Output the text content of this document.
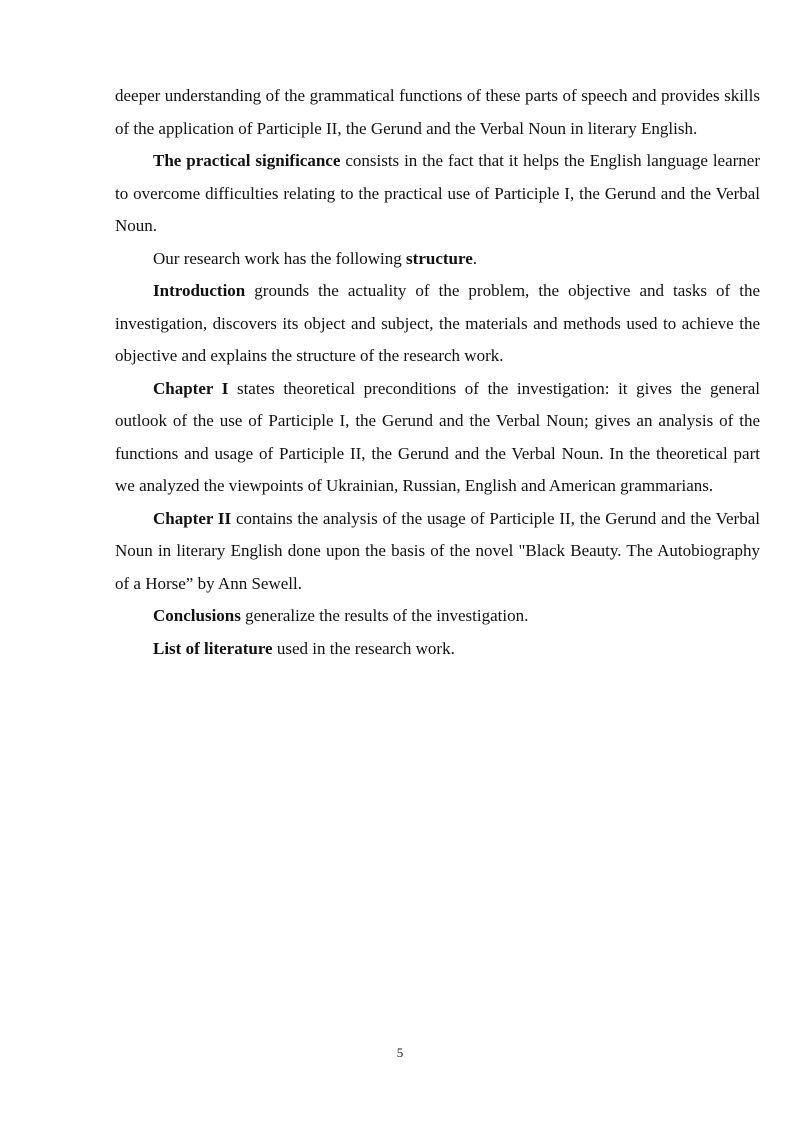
deeper understanding of the grammatical functions of these parts of speech and provides skills of the application of Participle II, the Gerund and the Verbal Noun in literary English.

The practical significance consists in the fact that it helps the English language learner to overcome difficulties relating to the practical use of Participle I, the Gerund and the Verbal Noun.

Our research work has the following structure.

Introduction grounds the actuality of the problem, the objective and tasks of the investigation, discovers its object and subject, the materials and methods used to achieve the objective and explains the structure of the research work.

Chapter I states theoretical preconditions of the investigation: it gives the general outlook of the use of Participle I, the Gerund and the Verbal Noun; gives an analysis of the functions and usage of Participle II, the Gerund and the Verbal Noun. In the theoretical part we analyzed the viewpoints of Ukrainian, Russian, English and American grammarians.

Chapter II contains the analysis of the usage of Participle II, the Gerund and the Verbal Noun in literary English done upon the basis of the novel "Black Beauty. The Autobiography of a Horse” by Ann Sewell.

Conclusions generalize the results of the investigation.

List of literature used in the research work.

5
